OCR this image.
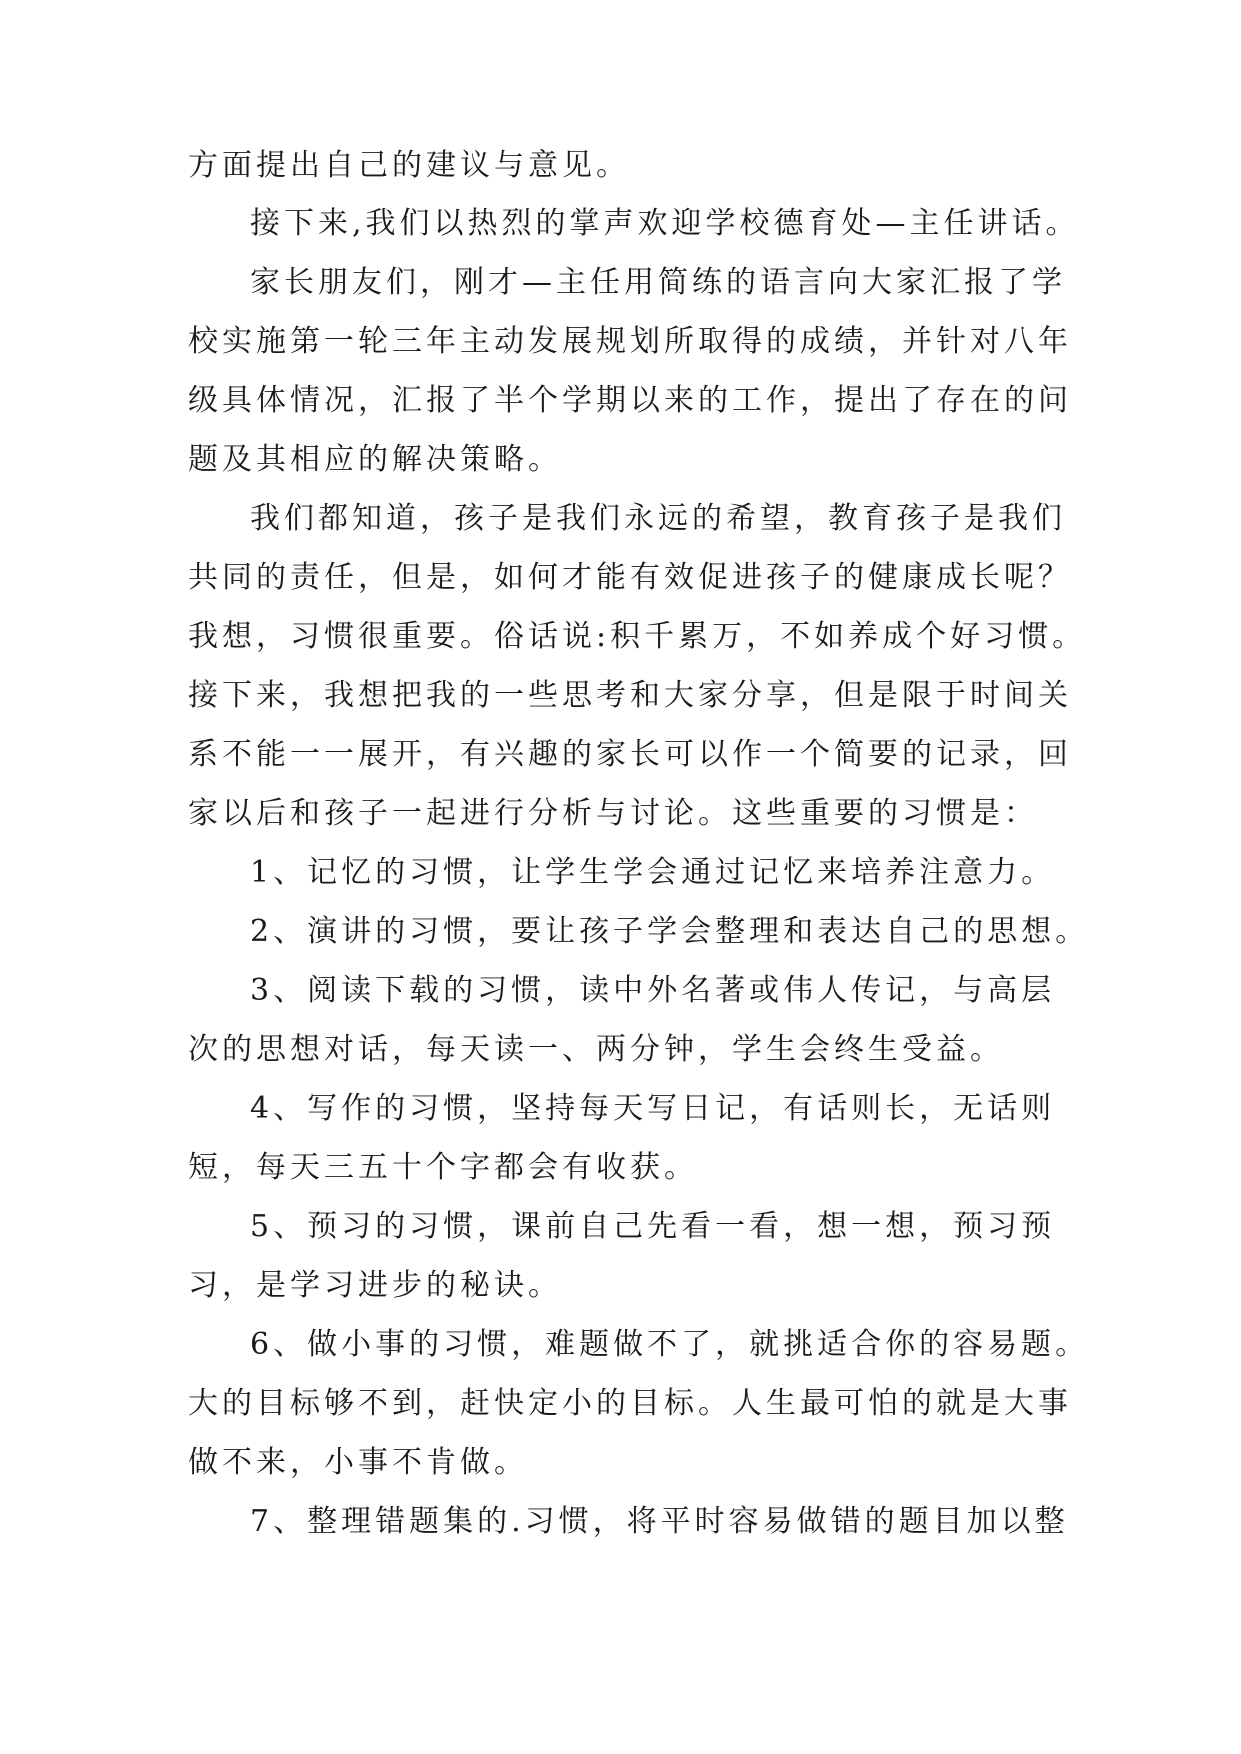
方面提出自己的建议与意见。
接下来,我们以热烈的掌声欢迎学校德育处—主任讲话。
家长朋友们，刚才—主任用简练的语言向大家汇报了学
校实施第一轮三年主动发展规划所取得的成绩，并针对八年
级具体情况，汇报了半个学期以来的工作，提出了存在的问
题及其相应的解决策略。
我们都知道，孩子是我们永远的希望，教育孩子是我们
共同的责任，但是，如何才能有效促进孩子的健康成长呢？
我想，习惯很重要。俗话说:积千累万，不如养成个好习惯。
接下来，我想把我的一些思考和大家分享，但是限于时间关
系不能一一展开，有兴趣的家长可以作一个简要的记录，回
家以后和孩子一起进行分析与讨论。这些重要的习惯是：
1、记忆的习惯，让学生学会通过记忆来培养注意力。
2、演讲的习惯，要让孩子学会整理和表达自己的思想。
3、阅读下载的习惯，读中外名著或伟人传记，与高层
次的思想对话，每天读一、两分钟，学生会终生受益。
4、写作的习惯，坚持每天写日记，有话则长，无话则
短，每天三五十个字都会有收获。
5、预习的习惯，课前自己先看一看，想一想，预习预
习，是学习进步的秘诀。
6、做小事的习惯，难题做不了，就挑适合你的容易题。
大的目标够不到，赶快定小的目标。人生最可怕的就是大事
做不来，小事不肯做。
7、整理错题集的.习惯，将平时容易做错的题目加以整
